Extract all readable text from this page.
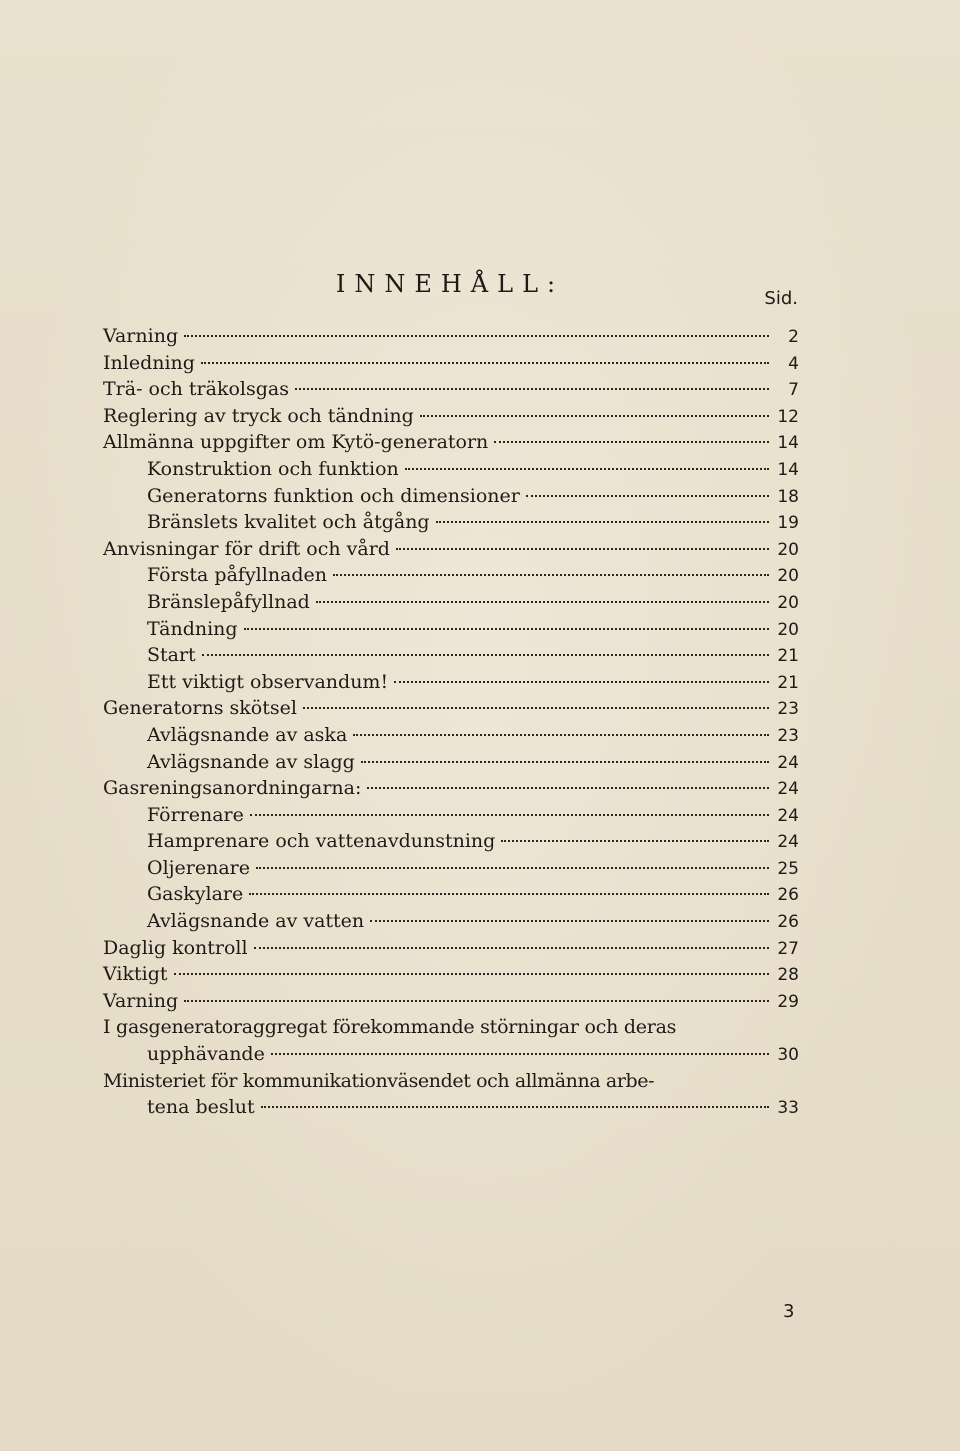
INNEHÅLL:
Sid.
Varning	2
Inledning	4
Trä- och träkolsgas	7
Reglering av tryck och tändning	12
Allmänna uppgifter om Kytö-generatorn	14
Konstruktion och funktion	14
Generatorns funktion och dimensioner	18
Bränslets kvalitet och åtgång	19
Anvisningar för drift och vård	20
Första påfyllnaden	20
Bränslepåfyllnad	20
Tändning	20
Start	21
Ett viktigt observandum!	21
Generatorns skötsel	23
Avlägsnande av aska	23
Avlägsnande av slagg	24
Gasreningsanordningarna:	24
Förrenare	24
Hamprenare och vattenavdunstning	24
Oljerenare	25
Gaskylare	26
Avlägsnande av vatten	26
Daglig kontroll	27
Viktigt	28
Varning	29
I gasgeneratoraggregat förekommande störningar och deras
upphävande	30
Ministeriet för kommunikationväsendet och allmänna arbe-
tena beslut	33
3
